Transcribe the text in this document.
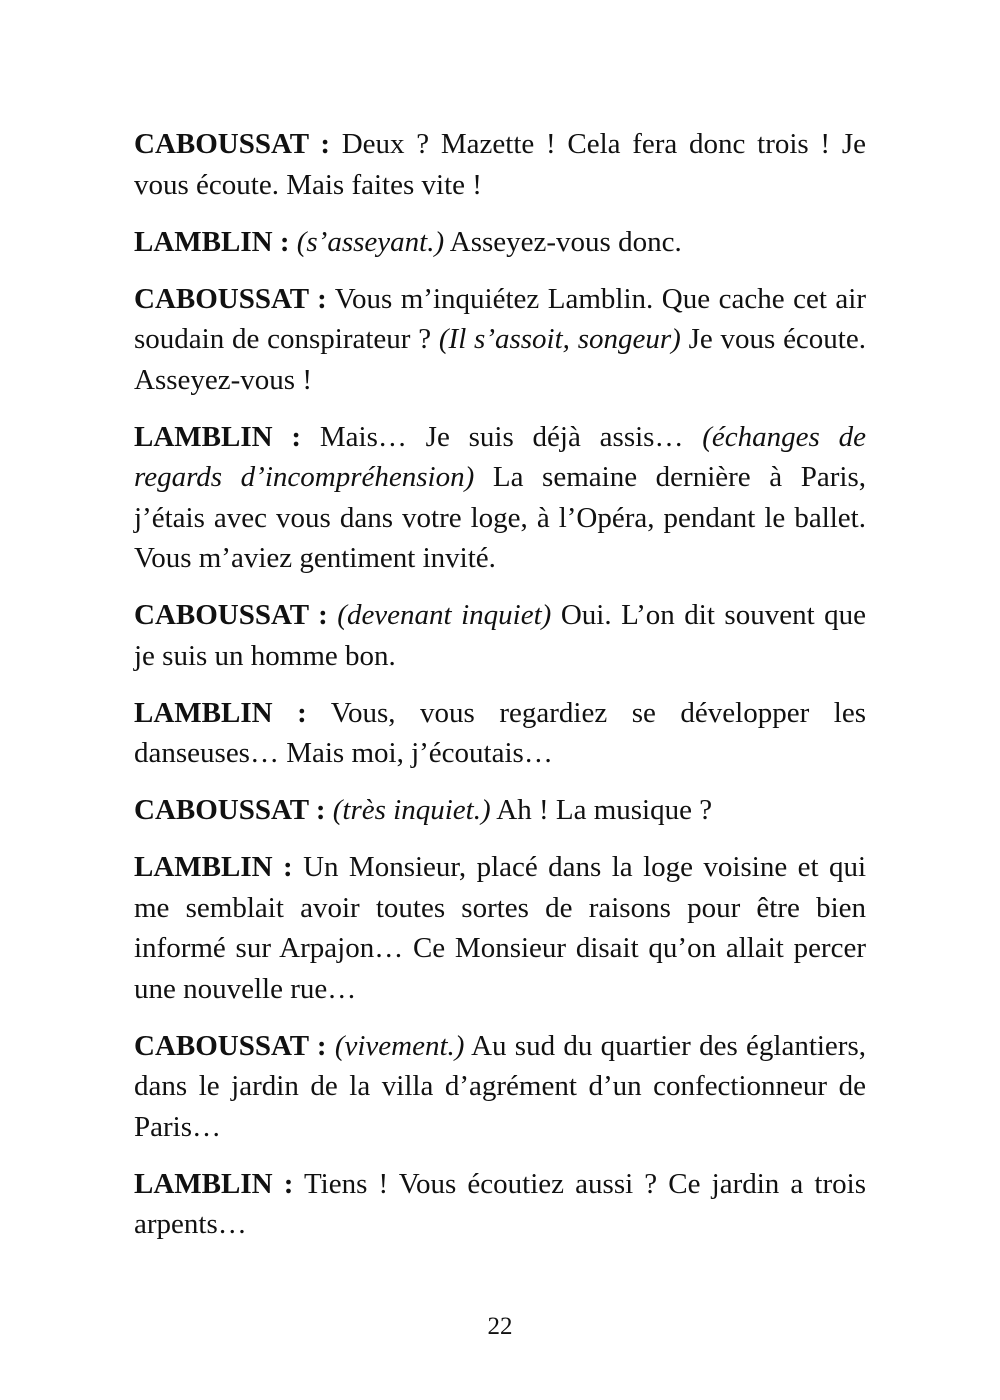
CABOUSSAT : Deux ? Mazette ! Cela fera donc trois ! Je vous écoute. Mais faites vite !

LAMBLIN : (s’asseyant.) Asseyez-vous donc.

CABOUSSAT : Vous m’inquiétez Lamblin. Que cache cet air soudain de conspirateur ? (Il s’assoit, songeur) Je vous écoute. Asseyez-vous !

LAMBLIN : Mais… Je suis déjà assis… (échanges de regards d’incompréhension) La semaine dernière à Paris, j’étais avec vous dans votre loge, à l’Opéra, pendant le ballet. Vous m’aviez gentiment invité.

CABOUSSAT : (devenant inquiet) Oui. L’on dit souvent que je suis un homme bon.

LAMBLIN : Vous, vous regardiez se développer les danseuses… Mais moi, j’écoutais…

CABOUSSAT : (très inquiet.) Ah ! La musique ?

LAMBLIN : Un Monsieur, placé dans la loge voisine et qui me semblait avoir toutes sortes de raisons pour être bien informé sur Arpajon… Ce Monsieur disait qu’on allait percer une nouvelle rue…

CABOUSSAT : (vivement.) Au sud du quartier des églantiers, dans le jardin de la villa d’agrément d’un confectionneur de Paris…

LAMBLIN : Tiens ! Vous écoutiez aussi ? Ce jardin a trois arpents…

22
